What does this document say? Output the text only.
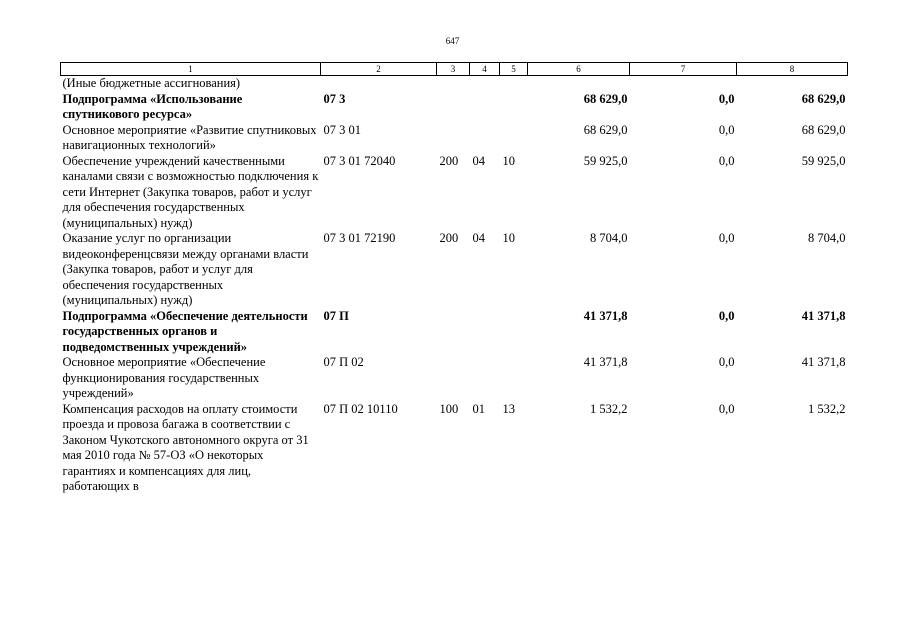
647
1	2	3	4	5	6	7	8
(Иные бюджетные ассигнования)							
Подпрограмма «Использование спутникового ресурса»	07 3				68 629,0	0,0	68 629,0
Основное мероприятие «Развитие спутниковых навигационных технологий»	07 3 01				68 629,0	0,0	68 629,0
Обеспечение учреждений качественными каналами связи с возможностью подключения к сети Интернет (Закупка товаров, работ и услуг для обеспечения государственных (муниципальных) нужд)	07 3 01 72040	200	04	10	59 925,0	0,0	59 925,0
Оказание услуг по организации видеоконференцсвязи между органами власти (Закупка товаров, работ и услуг для обеспечения государственных (муниципальных) нужд)	07 3 01 72190	200	04	10	8 704,0	0,0	8 704,0
Подпрограмма «Обеспечение деятельности государственных органов и подведомственных учреждений»	07 П				41 371,8	0,0	41 371,8
Основное мероприятие «Обеспечение функционирования государственных учреждений»	07 П 02				41 371,8	0,0	41 371,8
Компенсация расходов на оплату стоимости проезда и провоза багажа в соответствии с Законом Чукотского автономного округа от 31 мая 2010 года № 57-ОЗ «О некоторых гарантиях и компенсациях для лиц, работающих в	07 П 02 10110	100	01	13	1 532,2	0,0	1 532,2
